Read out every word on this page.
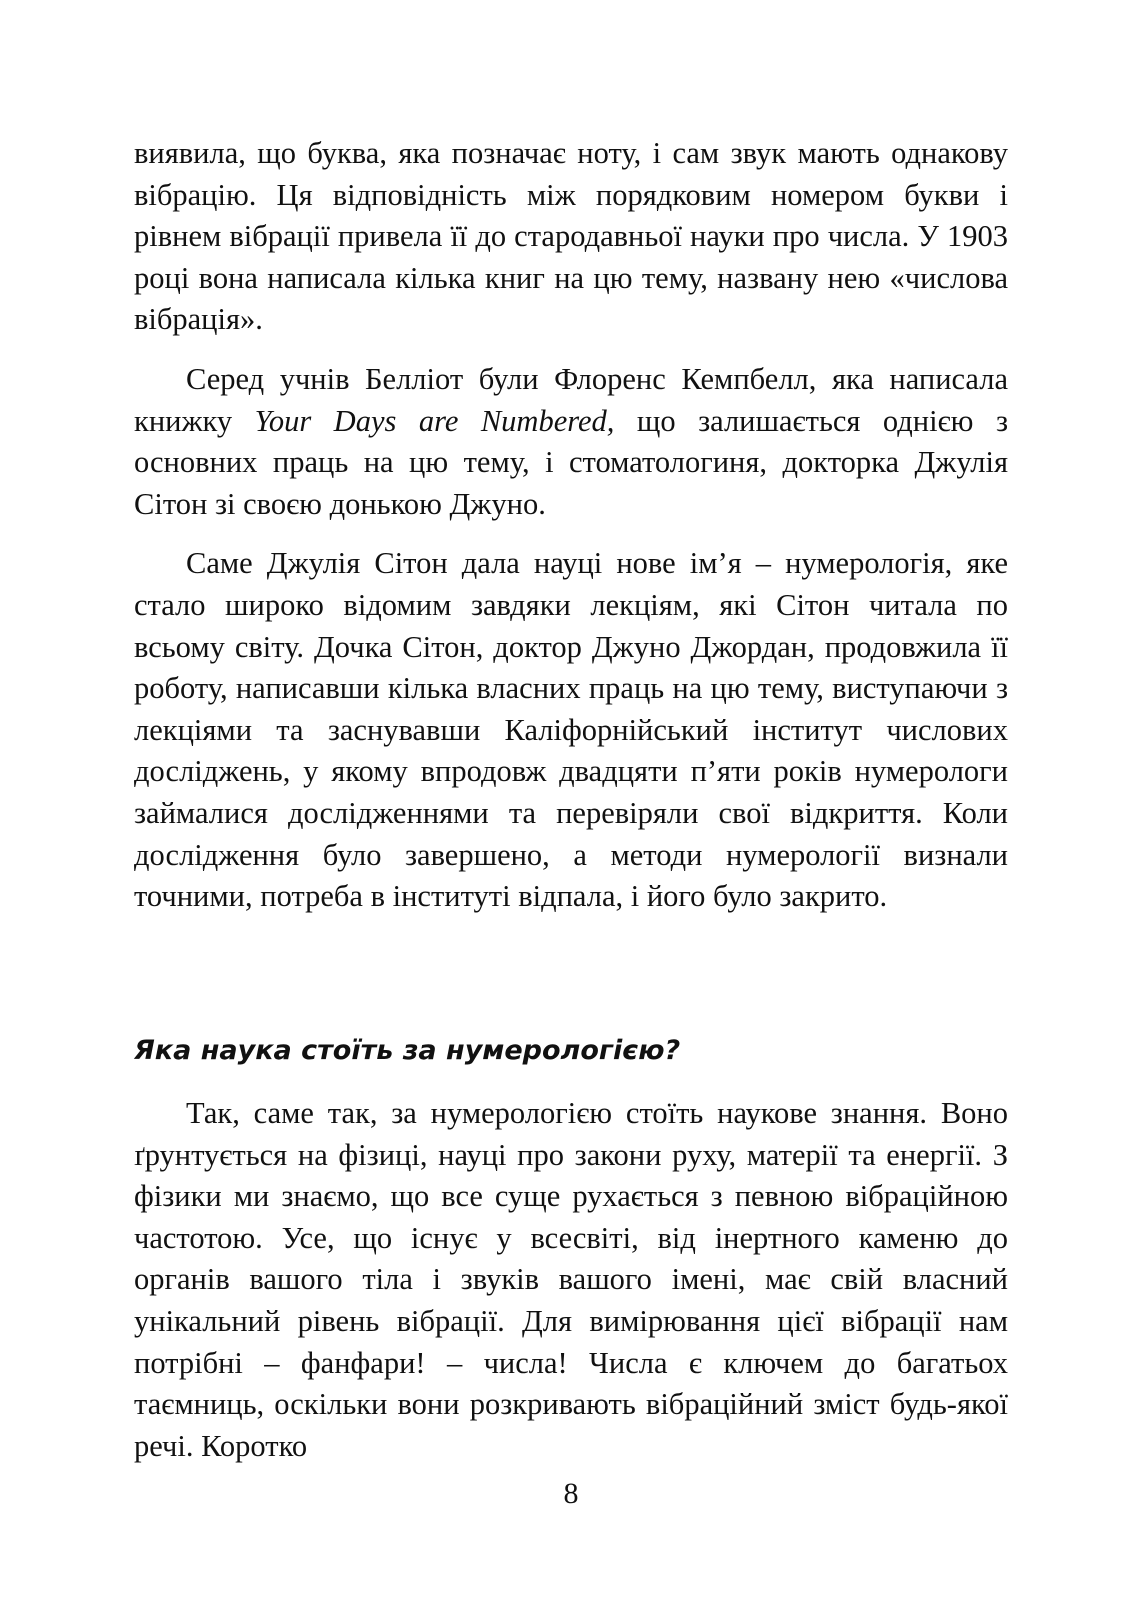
виявила, що буква, яка позначає ноту, і сам звук мають однакову вібрацію. Ця відповідність між порядковим номером букви і рівнем вібрації привела її до стародавньої науки про числа. У 1903 році вона написала кілька книг на цю тему, названу нею «числова вібрація».

Серед учнів Белліот були Флоренс Кемпбелл, яка написала книжку Your Days are Numbered, що залишається однією з основних праць на цю тему, і стоматологиня, докторка Джулія Сітон зі своєю донькою Джуно.

Саме Джулія Сітон дала науці нове ім’я – нумерологія, яке стало широко відомим завдяки лекціям, які Сітон читала по всьому світу. Дочка Сітон, доктор Джуно Джордан, продовжила її роботу, написавши кілька власних праць на цю тему, виступаючи з лекціями та заснувавши Каліфорнійський інститут числових досліджень, у якому впродовж двадцяти п’яти років нумерологи займалися дослідженнями та перевіряли свої відкриття. Коли дослідження було завершено, а методи нумерології визнали точними, потреба в інституті відпала, і його було закрито.

Яка наука стоїть за нумерологією?

Так, саме так, за нумерологією стоїть наукове знання. Воно ґрунтується на фізиці, науці про закони руху, матерії та енергії. З фізики ми знаємо, що все суще рухається з певною вібраційною частотою. Усе, що існує у всесвіті, від інертного каменю до органів вашого тіла і звуків вашого імені, має свій власний унікальний рівень вібрації. Для вимірювання цієї вібрації нам потрібні – фанфари! – числа! Числа є ключем до багатьох таємниць, оскільки вони розкривають вібраційний зміст будь-якої речі. Коротко

8
